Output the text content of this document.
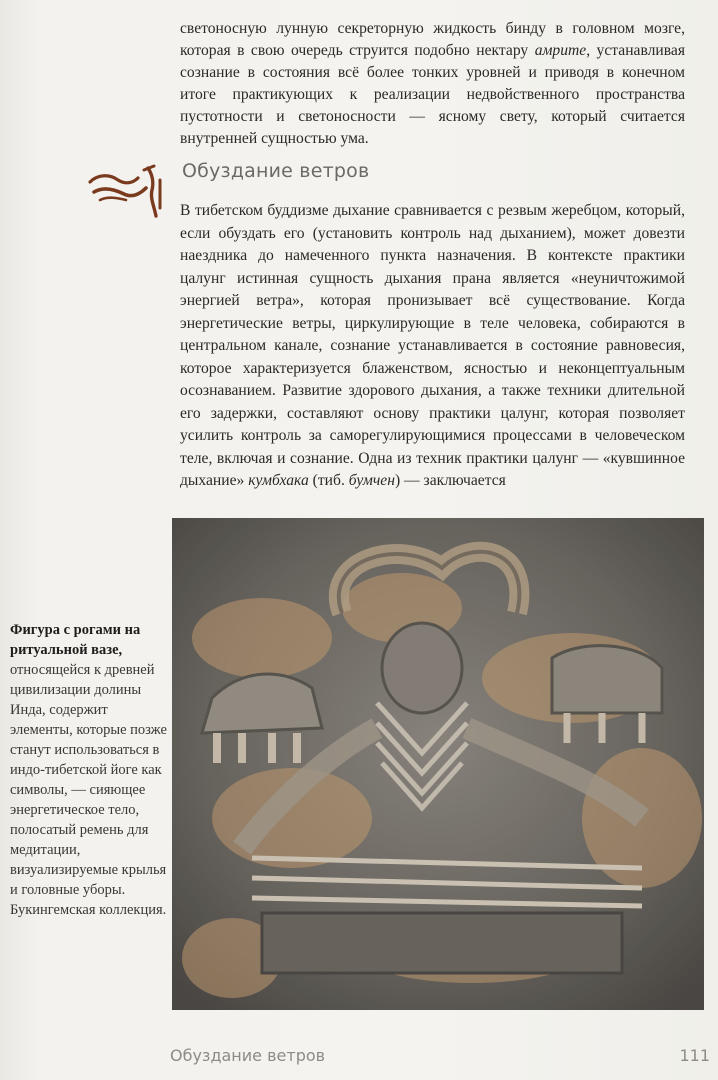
светоносную лунную секреторную жидкость бинду в головном мозге, которая в свою очередь струится подобно нектару амрите, устанавливая сознание в состояния всё более тонких уровней и приводя в конечном итоге практикующих к реализации недвойственного пространства пустотности и светоносности — ясному свету, который считается внутренней сущностью ума.

Обуздание ветров

В тибетском буддизме дыхание сравнивается с резвым жеребцом, который, если обуздать его (установить контроль над дыханием), может довезти наездника до намеченного пункта назначения. В контексте практики цалунг истинная сущность дыхания прана является «неуничтожимой энергией ветра», которая пронизывает всё существование. Когда энергетические ветры, циркулирующие в теле человека, собираются в центральном канале, сознание устанавливается в состояние равновесия, которое характеризуется блаженством, ясностью и неконцептуальным осознаванием. Развитие здорового дыхания, а также техники длительной его задержки, составляют основу практики цалунг, которая позволяет усилить контроль за саморегулирующимися процессами в человеческом теле, включая и сознание. Одна из техник практики цалунг — «кувшинное дыхание» кумбхака (тиб. бумчен) — заключается

Фигура с рогами на ритуальной вазе, относящейся к древней цивилизации долины Инда, содержит элементы, которые позже станут использоваться в индо-тибетской йоге как символы, — сияющее энергетическое тело, полосатый ремень для медитации, визуализируемые крылья и головные уборы. Букингемская коллекция.
Обуздание ветров	111
